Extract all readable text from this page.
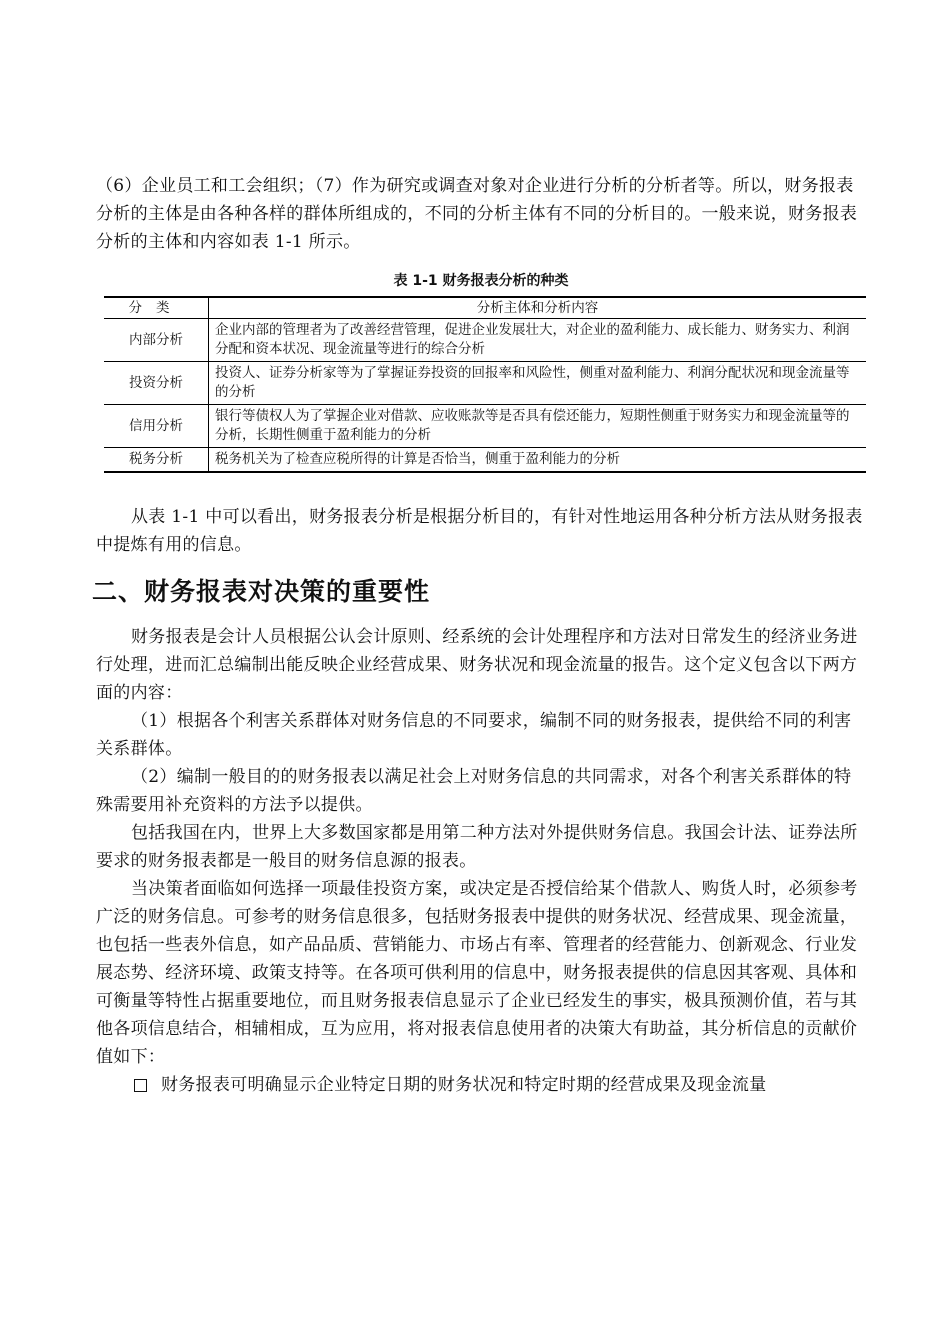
（6）企业员工和工会组织；（7）作为研究或调查对象对企业进行分析的分析者等。所以，财务报表分析的主体是由各种各样的群体所组成的，不同的分析主体有不同的分析目的。一般来说，财务报表分析的主体和内容如表 1-1 所示。

表 1-1 财务报表分析的种类
分类	分析主体和分析内容
内部分析	企业内部的管理者为了改善经营管理，促进企业发展壮大，对企业的盈利能力、成长能力、财务实力、利润分配和资本状况、现金流量等进行的综合分析
投资分析	投资人、证券分析家等为了掌握证券投资的回报率和风险性，侧重对盈利能力、利润分配状况和现金流量等的分析
信用分析	银行等债权人为了掌握企业对借款、应收账款等是否具有偿还能力，短期性侧重于财务实力和现金流量等的分析，长期性侧重于盈利能力的分析
税务分析	税务机关为了检查应税所得的计算是否恰当，侧重于盈利能力的分析

从表 1-1 中可以看出，财务报表分析是根据分析目的，有针对性地运用各种分析方法从财务报表中提炼有用的信息。

二、财务报表对决策的重要性

财务报表是会计人员根据公认会计原则、经系统的会计处理程序和方法对日常发生的经济业务进行处理，进而汇总编制出能反映企业经营成果、财务状况和现金流量的报告。这个定义包含以下两方面的内容：

（1）根据各个利害关系群体对财务信息的不同要求，编制不同的财务报表，提供给不同的利害关系群体。

（2）编制一般目的的财务报表以满足社会上对财务信息的共同需求，对各个利害关系群体的特殊需要用补充资料的方法予以提供。

包括我国在内，世界上大多数国家都是用第二种方法对外提供财务信息。我国会计法、证券法所要求的财务报表都是一般目的财务信息源的报表。

当决策者面临如何选择一项最佳投资方案，或决定是否授信给某个借款人、购货人时，必须参考广泛的财务信息。可参考的财务信息很多，包括财务报表中提供的财务状况、经营成果、现金流量，也包括一些表外信息，如产品品质、营销能力、市场占有率、管理者的经营能力、创新观念、行业发展态势、经济环境、政策支持等。在各项可供利用的信息中，财务报表提供的信息因其客观、具体和可衡量等特性占据重要地位，而且财务报表信息显示了企业已经发生的事实，极具预测价值，若与其他各项信息结合，相辅相成，互为应用，将对报表信息使用者的决策大有助益，其分析信息的贡献价值如下：

财务报表可明确显示企业特定日期的财务状况和特定时期的经营成果及现金流量
